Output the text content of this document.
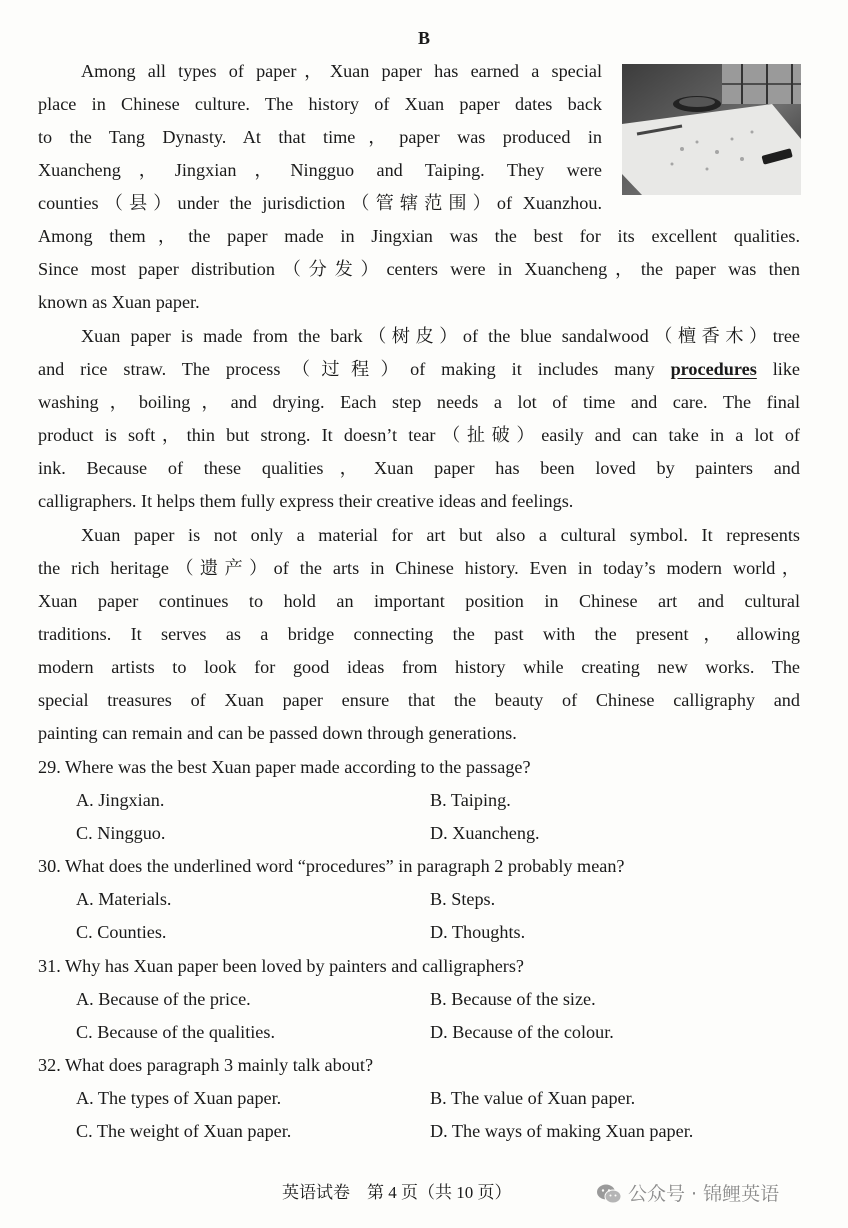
B
Among all types of paper，Xuan paper has earned a special
place in Chinese culture. The history of Xuan paper dates back
to the Tang Dynasty. At that time，paper was produced in
Xuancheng，Jingxian，Ningguo and Taiping. They were
counties（县）under the jurisdiction（管辖范围）of Xuanzhou.
Among them，the paper made in Jingxian was the best for its excellent qualities.
Since most paper distribution（分发）centers were in Xuancheng，the paper was then
known as Xuan paper.
Xuan paper is made from the bark（树皮）of the blue sandalwood（檀香木）tree
and rice straw. The process（过程）of making it includes many procedures like
washing，boiling，and drying. Each step needs a lot of time and care. The final
product is soft，thin but strong. It doesn’t tear（扯破）easily and can take in a lot of
ink. Because of these qualities，Xuan paper has been loved by painters and
calligraphers. It helps them fully express their creative ideas and feelings.
Xuan paper is not only a material for art but also a cultural symbol. It represents
the rich heritage（遗产）of the arts in Chinese history. Even in today’s modern world，
Xuan paper continues to hold an important position in Chinese art and cultural
traditions. It serves as a bridge connecting the past with the present，allowing
modern artists to look for good ideas from history while creating new works. The
special treasures of Xuan paper ensure that the beauty of Chinese calligraphy and
painting can remain and can be passed down through generations.
29. Where was the best Xuan paper made according to the passage?
A. Jingxian.	B. Taiping.
C. Ningguo.	D. Xuancheng.
30. What does the underlined word “procedures” in paragraph 2 probably mean?
A. Materials.	B. Steps.
C. Counties.	D. Thoughts.
31. Why has Xuan paper been loved by painters and calligraphers?
A. Because of the price.	B. Because of the size.
C. Because of the qualities.	D. Because of the colour.
32. What does paragraph 3 mainly talk about?
A. The types of Xuan paper.	B. The value of Xuan paper.
C. The weight of Xuan paper.	D. The ways of making Xuan paper.
英语试卷　第 4 页（共 10 页）	公众号 · 锦鲤英语
